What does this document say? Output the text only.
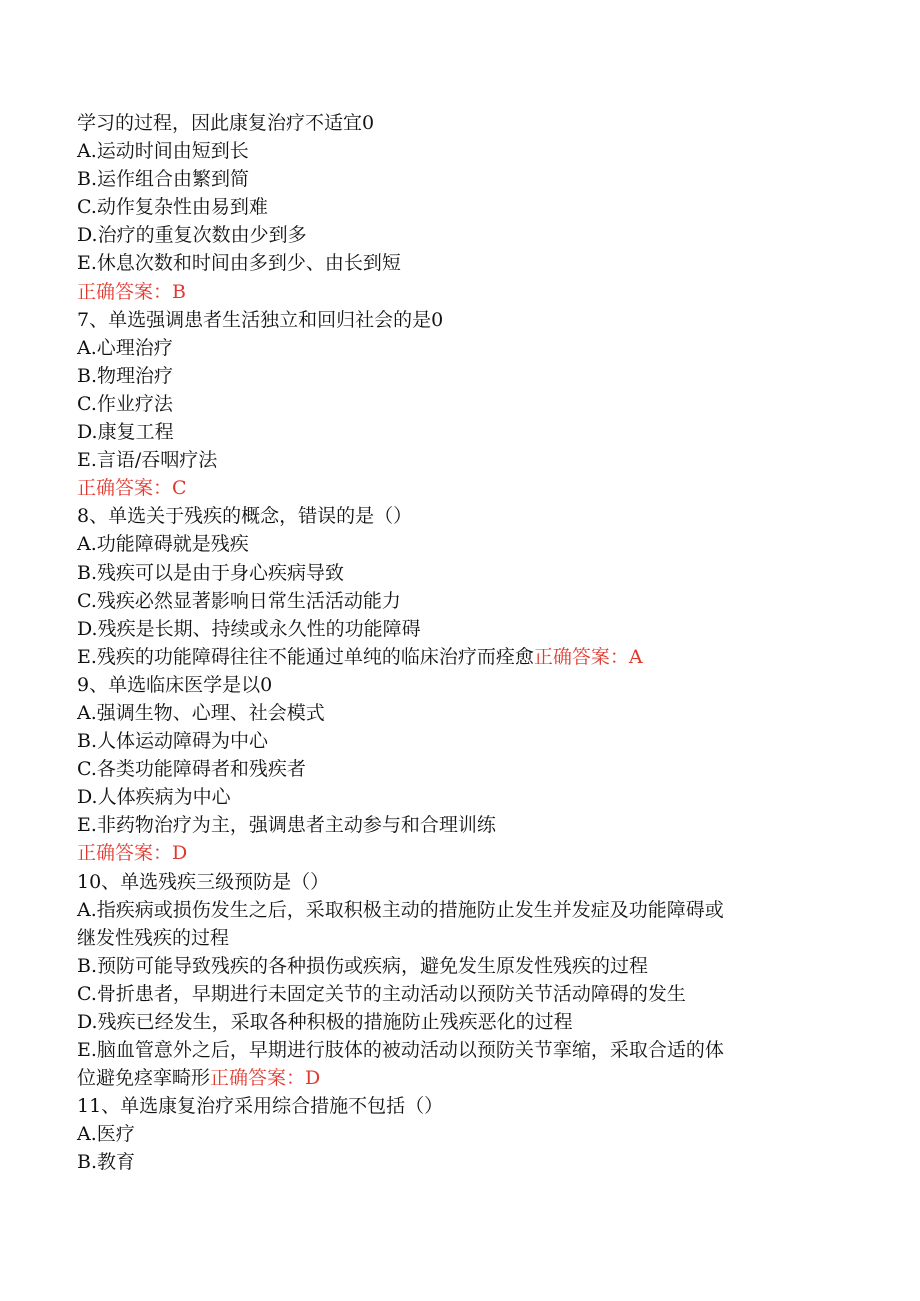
学习的过程，因此康复治疗不适宜0
A.运动时间由短到长
B.运作组合由繁到简
C.动作复杂性由易到难
D.治疗的重复次数由少到多
E.休息次数和时间由多到少、由长到短
正确答案：B
7、单选强调患者生活独立和回归社会的是0
A.心理治疗
B.物理治疗
C.作业疗法
D.康复工程
E.言语/吞咽疗法
正确答案：C
8、单选关于残疾的概念，错误的是（）
A.功能障碍就是残疾
B.残疾可以是由于身心疾病导致
C.残疾必然显著影响日常生活活动能力
D.残疾是长期、持续或永久性的功能障碍
E.残疾的功能障碍往往不能通过单纯的临床治疗而痊愈正确答案：A
9、单选临床医学是以0
A.强调生物、心理、社会模式
B.人体运动障碍为中心
C.各类功能障碍者和残疾者
D.人体疾病为中心
E.非药物治疗为主，强调患者主动参与和合理训练
正确答案：D
10、单选残疾三级预防是（）
A.指疾病或损伤发生之后，采取积极主动的措施防止发生并发症及功能障碍或
继发性残疾的过程
B.预防可能导致残疾的各种损伤或疾病，避免发生原发性残疾的过程
C.骨折患者，早期进行未固定关节的主动活动以预防关节活动障碍的发生
D.残疾已经发生，采取各种积极的措施防止残疾恶化的过程
E.脑血管意外之后，早期进行肢体的被动活动以预防关节挛缩，采取合适的体
位避免痉挛畸形正确答案：D
11、单选康复治疗采用综合措施不包括（）
A.医疗
B.教育
